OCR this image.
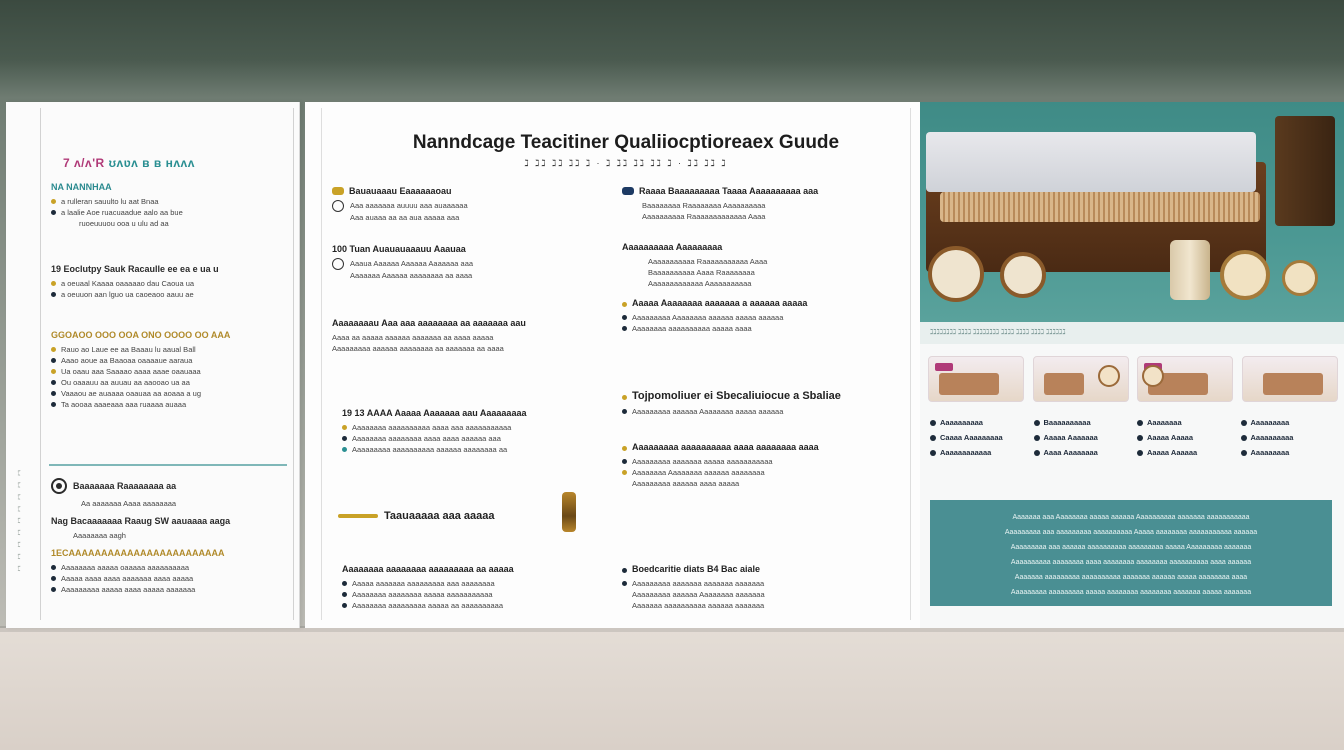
ℷ ℷ ℷ ℷ ℷ ℷ ℷ ℷ ℷ
7 ʌ/ʌ'R ʊʌʋʌ ʙ ʙ ʜʌʌʌ
NA NANNHAA
a rulleran sauulto lu aat Bnaa
a laalie Aoe ruacuaadue aalo aa bue
ruoeuuuou ooa u ulu ad aa
19 Eoclutpy Sauk Racaulle ee ea e ua u
a oeuaal Kaaaa oaaaaao dau Caoua ua
a oeuuon aan lguo ua caoeaoo aauu ae
GGOAOO OOO OOA ONO OOOO OO AAA
Rauo ao Laue ee aa Baaau lu aaual Ball
Aaao aoue aa Baaoaa oaaaaue aaraua
Ua oaau aaa Saaaao aaaa aaae oaauaaa
Ou oaaauu aa auuau aa aaooao ua aa
Vaaaou ae auaaaa oaauaa aa aoaaa a ug
Ta aooaa aaaeaaa aaa ruaaaa auaaa
Baaaaaaa Raaaaaaaa aa
Aa aaaaaaa Aaaa aaaaaaaa
Nag Bacaaaaaaa Raaug SW aauaaaa aaga
Aaaaaaaa aagh
1ECAAAAAAAAAAAAAAAAAAAAAAAA
Aaaaaaaa aaaaa oaaaaa aaaaaaaaaa
Aaaaa aaaa aaaa aaaaaaa aaaa aaaaa
Aaaaaaaaa aaaaa aaaa aaaaa aaaaaaa
Nanndcage Teacitiner Qualiiocptioreaex Guude
ℷ ℷℷ ℷℷ ℷℷ ℷ · ℷ ℷℷ ℷℷ ℷℷ ℷ · ℷℷ ℷℷ ℷ
Bauauaaau Eaaaaaaoau
Aaa aaaaaaa auuuu aaa auaaaaaa
Aaa auaaa aa aa aua aaaaa aaa
100 Tuan Auauauaaauu Aaauaa
Aaaua Aaaaaa Aaaaaa Aaaaaaa aaa
Aaaaaaa Aaaaaa aaaaaaaa aa aaaa
Aaaaaaaau Aaa aaa aaaaaaaa aa aaaaaaa aau
Aaaa aa aaaaa aaaaaa aaaaaaa aa aaaa aaaaa
Aaaaaaaaa aaaaaa aaaaaaaa aa aaaaaaa aa aaaa
19 13 AAAA Aaaaa Aaaaaaa aau Aaaaaaaaa
Aaaaaaaa aaaaaaaaaa aaaa aaa aaaaaaaaaaa
Aaaaaaaa aaaaaaaa aaaa aaaa aaaaaa aaa
Aaaaaaaaa aaaaaaaaaa aaaaaa aaaaaaaa aa
Taauaaaaa aaa aaaaa
Aaaaaaaa aaaaaaaa aaaaaaaaa aa aaaaa
Aaaaa aaaaaaa aaaaaaaaa aaa aaaaaaaa
Aaaaaaaa aaaaaaaa aaaaa aaaaaaaaaaa
Aaaaaaaa aaaaaaaaa aaaaa aa aaaaaaaaaa
Raaaa Baaaaaaaaa Taaaa Aaaaaaaaaa aaa
Baaaaaaaa Raaaaaaaa Aaaaaaaaaa
Aaaaaaaaaa Raaaaaaaaaaaaa Aaaa
Aaaaaaaaaa Aaaaaaaaa
Aaaaaaaaaaa Raaaaaaaaaaa Aaaa
Baaaaaaaaaa Aaaa Raaaaaaaa
Aaaaaaaaaaaaa Aaaaaaaaaaa
Tojpomoliuer ei Sbecaliuiocue a Sbaliae
Aaaaaaaaa aaaaaa Aaaaaaaa aaaaa aaaaaa
Aaaaa Aaaaaaaa aaaaaaa a aaaaaa aaaaa
Aaaaaaaaa Aaaaaaaa aaaaaa aaaaa aaaaaa
Aaaaaaaa aaaaaaaaaa aaaaa aaaa
Aaaaaaaaa aaaaaaaaaa aaaa aaaaaaaa aaaa
Aaaaaaaaa aaaaaaa aaaaa aaaaaaaaaaa
Aaaaaaaa Aaaaaaaa aaaaaa aaaaaaaa
Aaaaaaaaa aaaaaa aaaa aaaaa
Boedcaritie diats B4 Bac aiale
Aaaaaaaaa aaaaaaa aaaaaaa aaaaaaa
Aaaaaaaaa aaaaaa Aaaaaaaa aaaaaaa
Aaaaaaa aaaaaaaaaa aaaaaa aaaaaaa
ℷℷℷℷℷℷℷℷ ℷℷℷℷ ℷℷℷℷℷℷℷℷ ℷℷℷℷ ℷℷℷℷ ℷℷℷℷ ℷℷℷℷℷℷ
Aaaaaaaaaa	Baaaaaaaaaa	Aaaaaaaa	Aaaaaaaaa
Caaaa Aaaaaaaaa	Aaaaa Aaaaaaa	Aaaaa Aaaaa	Aaaaaaaaaa
Aaaaaaaaaaaa	Aaaa Aaaaaaaa	Aaaaa Aaaaaa	Aaaaaaaaa
Aaaaaaa aaa Aaaaaaaa aaaaa aaaaaa Aaaaaaaaaa aaaaaaa aaaaaaaaaaa
Aaaaaaaaa aaa aaaaaaaaa aaaaaaaaaa Aaaaa aaaaaaaa aaaaaaaaaaa aaaaaa
Aaaaaaaaa aaa aaaaaa aaaaaaaaaa aaaaaaaaa aaaaa Aaaaaaaaa aaaaaaa
Aaaaaaaaaa aaaaaaaa aaaa aaaaaaaa aaaaaaaa aaaaaaaaaa aaaa aaaaaa
Aaaaaaa aaaaaaaaa aaaaaaaaaa aaaaaaa aaaaaa aaaaa aaaaaaaa aaaa
Aaaaaaaaa aaaaaaaaa aaaaa aaaaaaaa aaaaaaaa aaaaaaa aaaaa aaaaaaa
